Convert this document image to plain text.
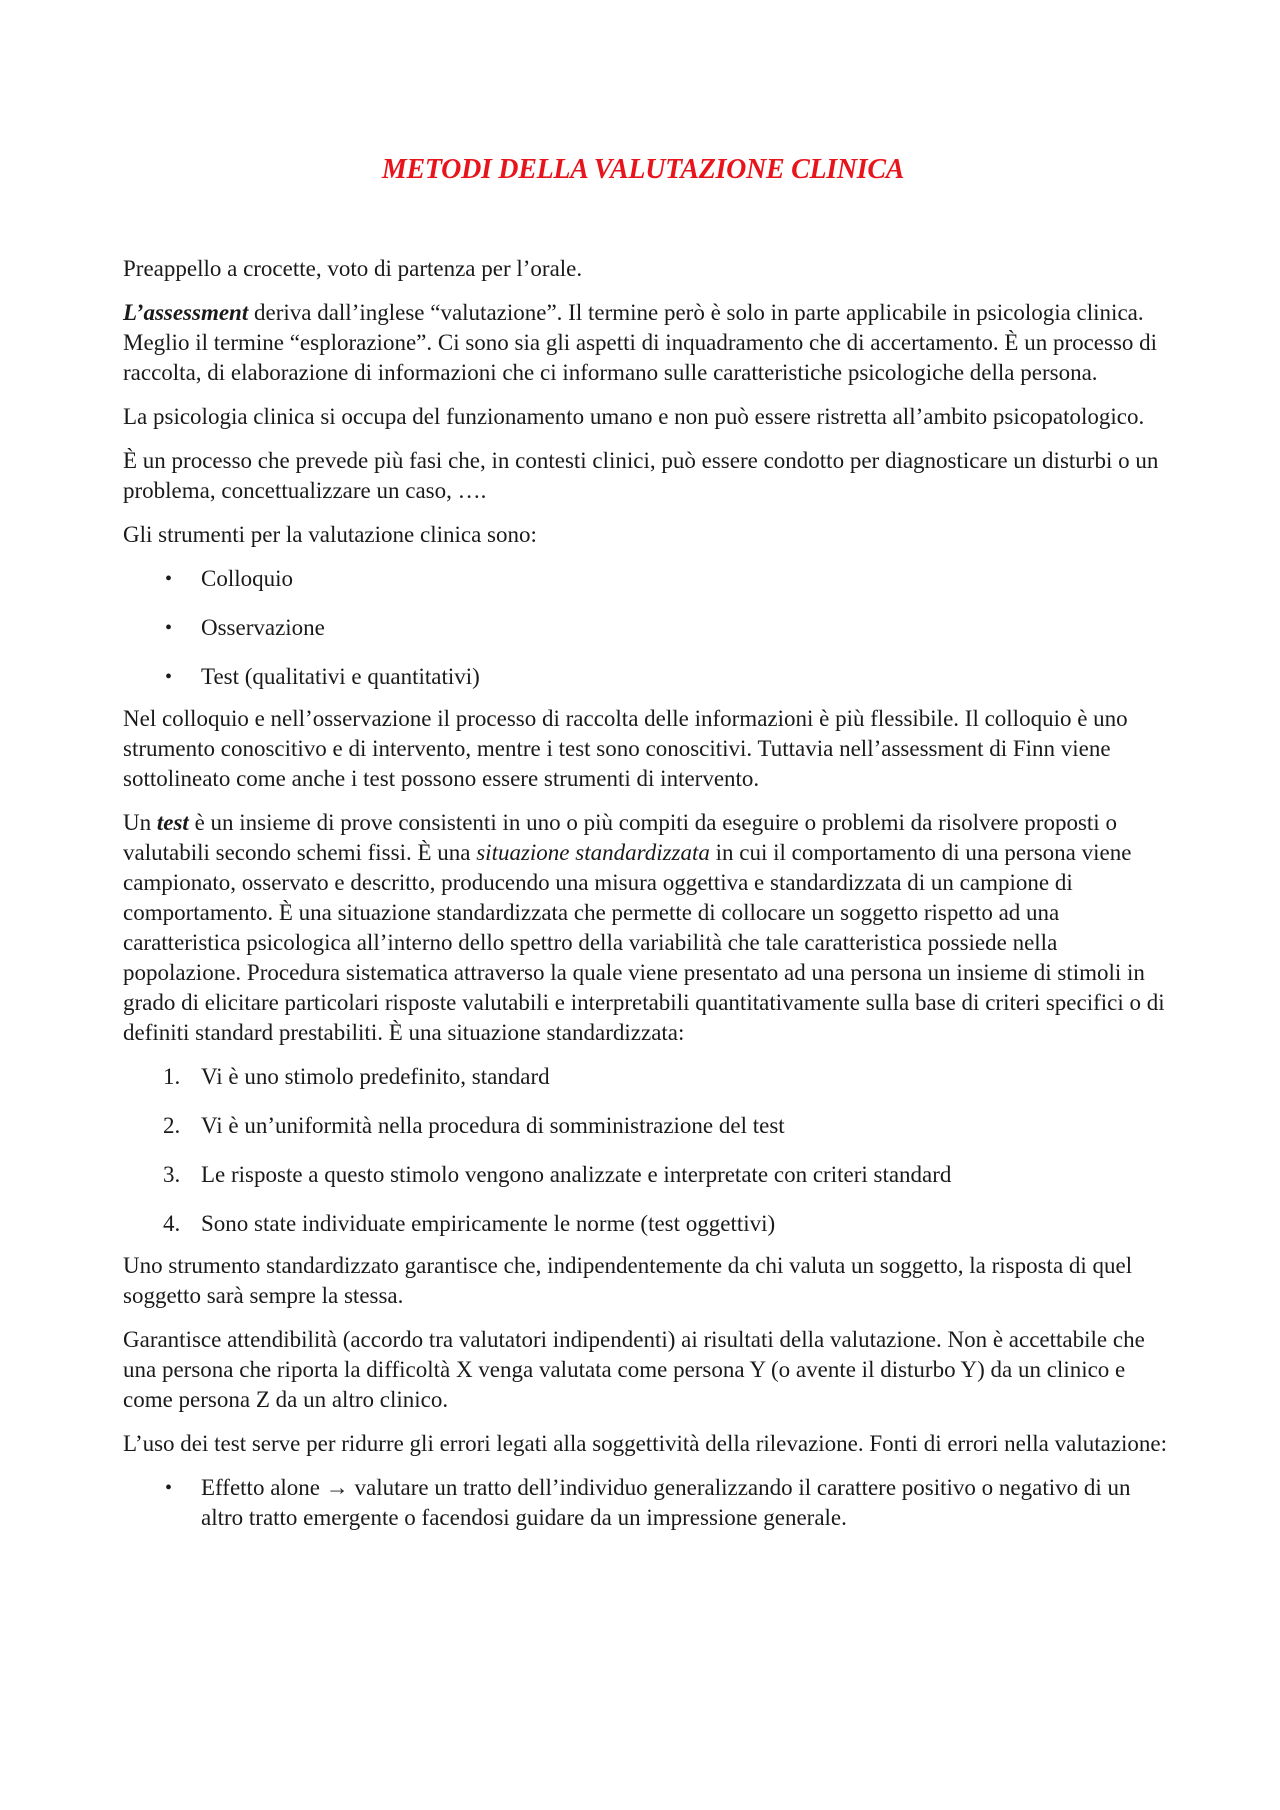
METODI DELLA VALUTAZIONE CLINICA

Preappello a crocette, voto di partenza per l’orale.

L’assessment deriva dall’inglese “valutazione”. Il termine però è solo in parte applicabile in psicologia clinica. Meglio il termine “esplorazione”. Ci sono sia gli aspetti di inquadramento che di accertamento. È un processo di raccolta, di elaborazione di informazioni che ci informano sulle caratteristiche psicologiche della persona.

La psicologia clinica si occupa del funzionamento umano e non può essere ristretta all’ambito psicopatologico.

È un processo che prevede più fasi che, in contesti clinici, può essere condotto per diagnosticare un disturbi o un problema, concettualizzare un caso, ….

Gli strumenti per la valutazione clinica sono:

• Colloquio
• Osservazione
• Test (qualitativi e quantitativi)

Nel colloquio e nell’osservazione il processo di raccolta delle informazioni è più flessibile. Il colloquio è uno strumento conoscitivo e di intervento, mentre i test sono conoscitivi. Tuttavia nell’assessment di Finn viene sottolineato come anche i test possono essere strumenti di intervento.

Un test è un insieme di prove consistenti in uno o più compiti da eseguire o problemi da risolvere proposti o valutabili secondo schemi fissi. È una situazione standardizzata in cui il comportamento di una persona viene campionato, osservato e descritto, producendo una misura oggettiva e standardizzata di un campione di comportamento. È una situazione standardizzata che permette di collocare un soggetto rispetto ad una caratteristica psicologica all’interno dello spettro della variabilità che tale caratteristica possiede nella popolazione. Procedura sistematica attraverso la quale viene presentato ad una persona un insieme di stimoli in grado di elicitare particolari risposte valutabili e interpretabili quantitativamente sulla base di criteri specifici o di definiti standard prestabiliti. È una situazione standardizzata:

1. Vi è uno stimolo predefinito, standard
2. Vi è un’uniformità nella procedura di somministrazione del test
3. Le risposte a questo stimolo vengono analizzate e interpretate con criteri standard
4. Sono state individuate empiricamente le norme (test oggettivi)

Uno strumento standardizzato garantisce che, indipendentemente da chi valuta un soggetto, la risposta di quel soggetto sarà sempre la stessa.

Garantisce attendibilità (accordo tra valutatori indipendenti) ai risultati della valutazione. Non è accettabile che una persona che riporta la difficoltà X venga valutata come persona Y (o avente il disturbo Y) da un clinico e come persona Z da un altro clinico.

L’uso dei test serve per ridurre gli errori legati alla soggettività della rilevazione. Fonti di errori nella valutazione:

• Effetto alone → valutare un tratto dell’individuo generalizzando il carattere positivo o negativo di un altro tratto emergente o facendosi guidare da un impressione generale.
